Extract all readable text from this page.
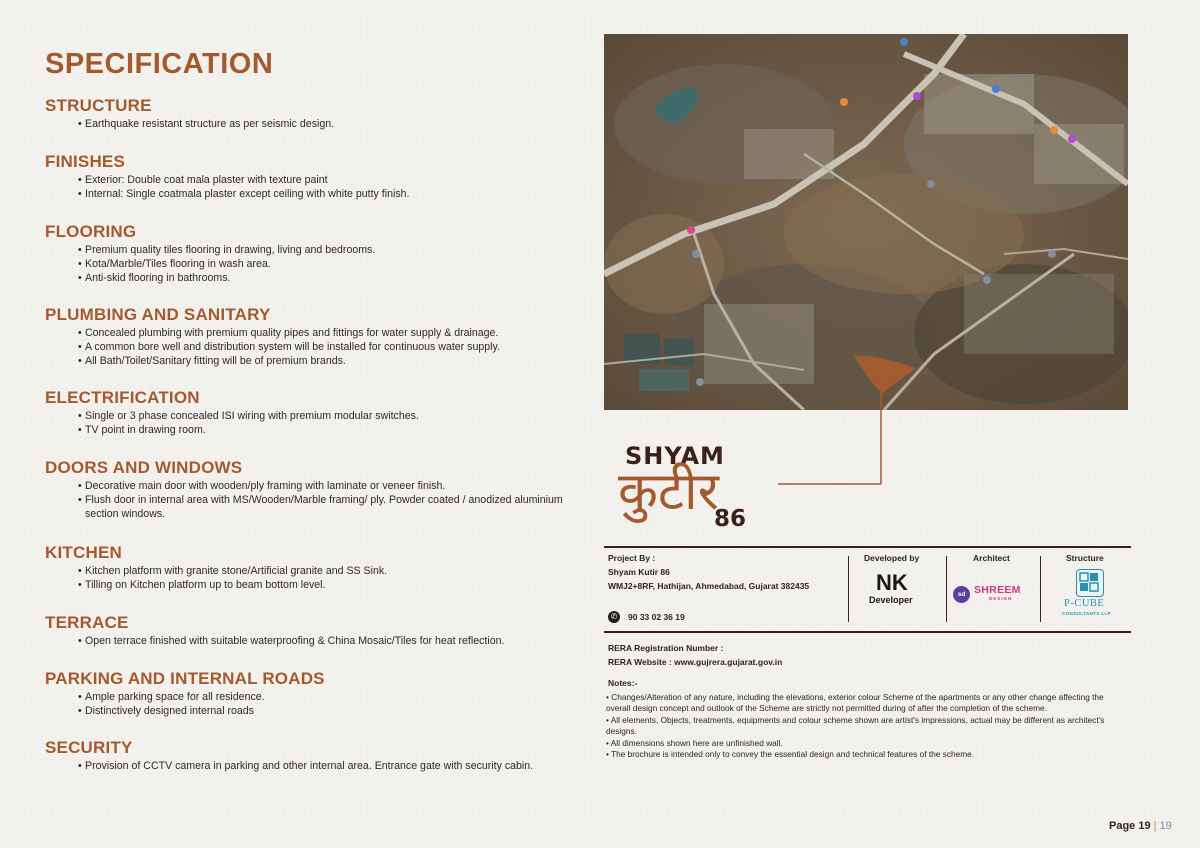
SPECIFICATION
STRUCTURE
• Earthquake resistant structure as per seismic design.
FINISHES
• Exterior: Double coat mala plaster with texture paint
• Internal: Single coatmala plaster except ceiling with white putty finish.
FLOORING
• Premium quality tiles flooring in drawing, living and bedrooms.
• Kota/Marble/Tiles flooring in wash area.
• Anti-skid flooring in bathrooms.
PLUMBING AND SANITARY
• Concealed plumbing with premium quality pipes and fittings for water supply & drainage.
• A common bore well and distribution system will be installed for continuous water supply.
• All Bath/Toilet/Sanitary fitting will be of premium brands.
ELECTRIFICATION
• Single or 3 phase concealed ISI wiring with premium modular switches.
• TV point in drawing room.
DOORS AND WINDOWS
• Decorative main door with wooden/ply framing with laminate or veneer finish.
• Flush door in internal area with MS/Wooden/Marble framing/ ply. Powder coated / anodized aluminium section windows.
KITCHEN
• Kitchen platform with granite stone/Artificial granite and SS Sink.
• Tilling on Kitchen platform up to beam bottom level.
TERRACE
• Open terrace finished with suitable waterproofing & China Mosaic/Tiles for heat reflection.
PARKING AND INTERNAL ROADS
• Ample parking space for all residence.
• Distinctively designed internal roads
SECURITY
• Provision of CCTV camera in parking and other internal area. Entrance gate with security cabin.
SHYAM
कुटीर
86
Project By :
Shyam Kutir 86
WMJ2+8RF, Hathijan, Ahmedabad, Gujarat 382435
✆	90 33 02 36 19
Developed by
NK
Developer
Architect
sd SHREEM
DESIGN
Structure
P-CUBE
CONSULTANTS LLP
RERA Registration Number :
RERA Website : www.gujrera.gujarat.gov.in
Notes:-
• Changes/Alteration of any nature, including the elevations, exterior colour Scheme of the apartments or any other change affecting the overall design concept and outlook of the Scheme are strictly not permitted during of after the completion of the scheme.
• All elements, Objects, treatments, equipments and colour scheme shown are artist's impressions, actual may be different as architect's designs.
• All dimensions shown here are unfinished wall.
• The brochure is intended only to convey the essential design and technical features of the scheme.
Page 19 | 19
